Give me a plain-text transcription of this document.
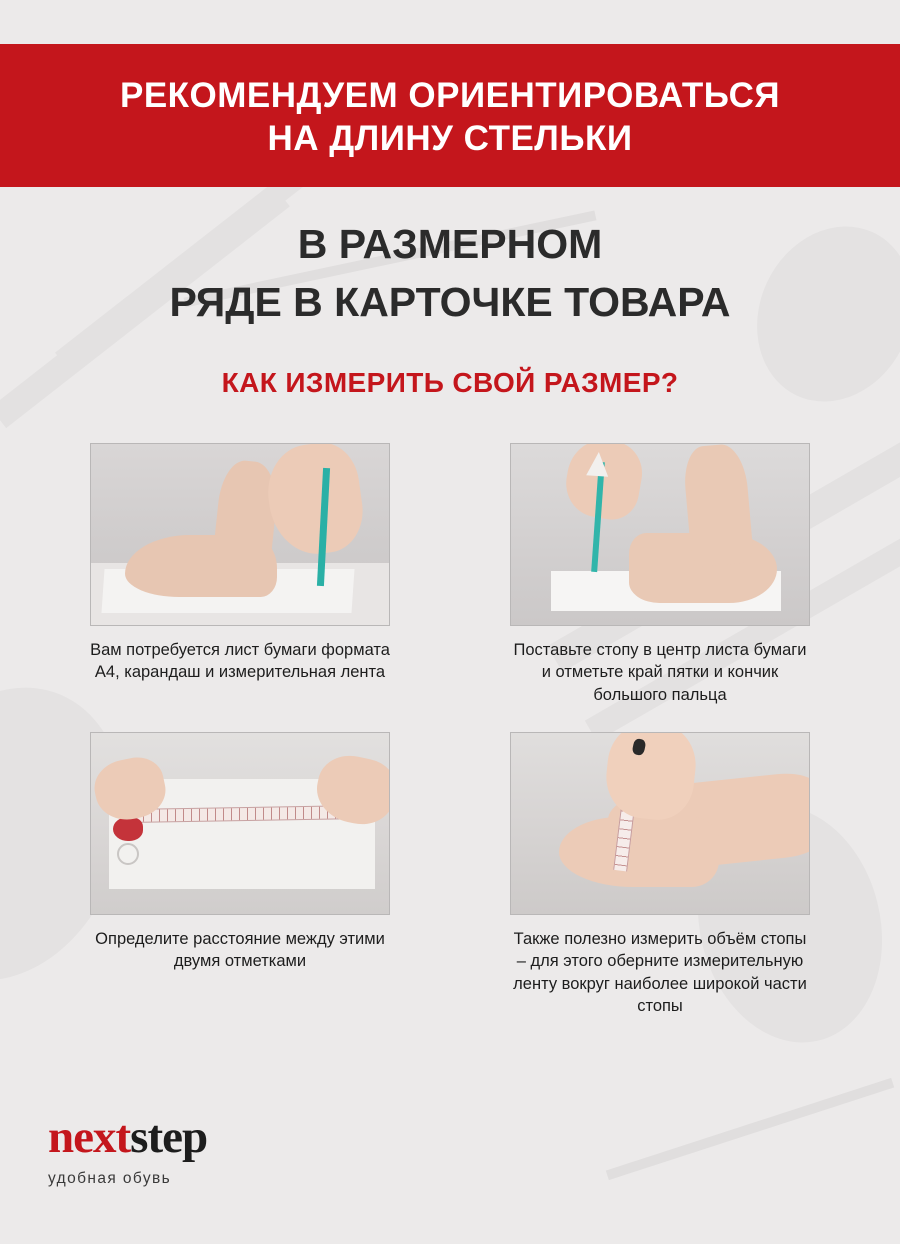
РЕКОМЕНДУЕМ ОРИЕНТИРОВАТЬСЯ
НА ДЛИНУ СТЕЛЬКИ
В РАЗМЕРНОМ
РЯДЕ В КАРТОЧКЕ ТОВАРА
КАК ИЗМЕРИТЬ СВОЙ РАЗМЕР?
Вам потребуется лист бумаги формата А4, карандаш и измерительная лента
Поставьте стопу в центр листа бумаги и отметьте край пятки и кончик большого пальца
Определите расстояние между этими двумя отметками
Также полезно измерить объём стопы – для этого оберните измерительную ленту вокруг наиболее широкой части стопы
nextstep
удобная обувь
